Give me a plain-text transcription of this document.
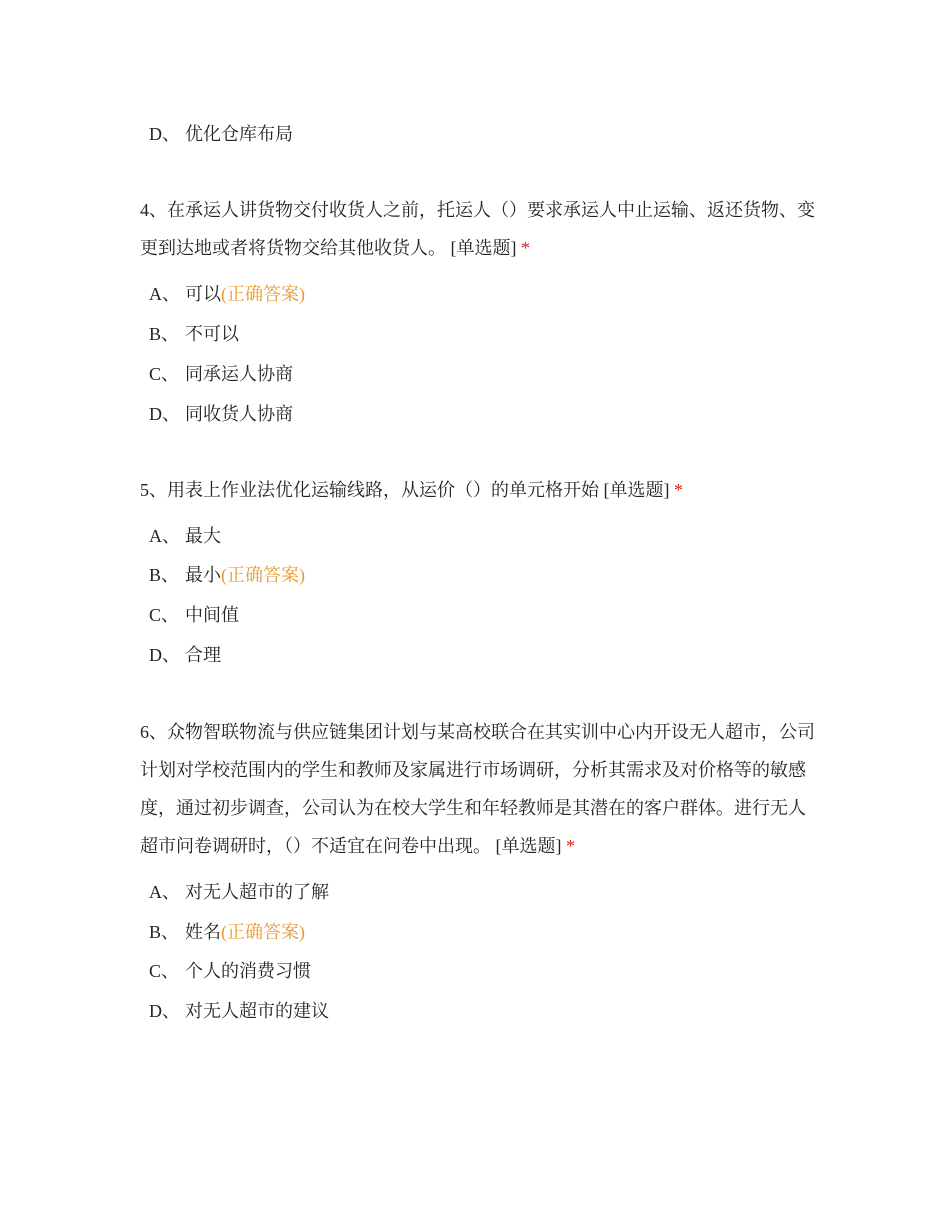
D、 优化仓库布局
4、在承运人讲货物交付收货人之前，托运人（）要求承运人中止运输、返还货物、变更到达地或者将货物交给其他收货人。 [单选题] *
A、 可以(正确答案)
B、 不可以
C、 同承运人协商
D、 同收货人协商
5、用表上作业法优化运输线路，从运价（）的单元格开始 [单选题] *
A、 最大
B、 最小(正确答案)
C、 中间值
D、 合理
6、众物智联物流与供应链集团计划与某高校联合在其实训中心内开设无人超市，公司计划对学校范围内的学生和教师及家属进行市场调研，分析其需求及对价格等的敏感度，通过初步调查，公司认为在校大学生和年轻教师是其潜在的客户群体。进行无人超市问卷调研时，（）不适宜在问卷中出现。 [单选题] *
A、 对无人超市的了解
B、 姓名(正确答案)
C、 个人的消费习惯
D、 对无人超市的建议
